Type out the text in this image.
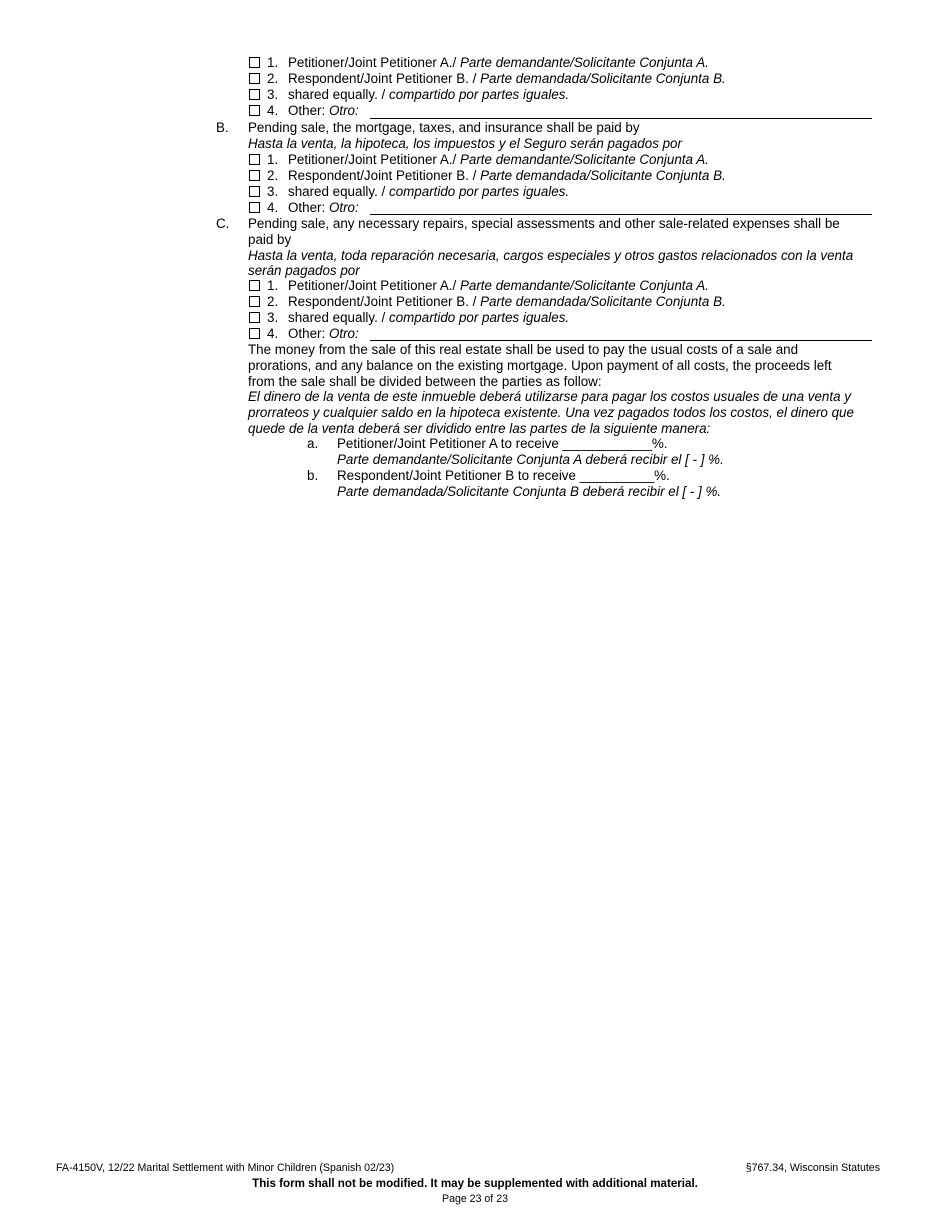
1. Petitioner/Joint Petitioner A./ Parte demandante/Solicitante Conjunta A.
2. Respondent/Joint Petitioner B. / Parte demandada/Solicitante Conjunta B.
3. shared equally. / compartido por partes iguales.
4. Other: Otro:
B. Pending sale, the mortgage, taxes, and insurance shall be paid by
Hasta la venta, la hipoteca, los impuestos y el Seguro serán pagados por
1. Petitioner/Joint Petitioner A./ Parte demandante/Solicitante Conjunta A.
2. Respondent/Joint Petitioner B. / Parte demandada/Solicitante Conjunta B.
3. shared equally. / compartido por partes iguales.
4. Other: Otro:
C. Pending sale, any necessary repairs, special assessments and other sale-related expenses shall be
paid by
Hasta la venta, toda reparación necesaria, cargos especiales y otros gastos relacionados con la venta
serán pagados por
1. Petitioner/Joint Petitioner A./ Parte demandante/Solicitante Conjunta A.
2. Respondent/Joint Petitioner B. / Parte demandada/Solicitante Conjunta B.
3. shared equally. / compartido por partes iguales.
4. Other: Otro:
The money from the sale of this real estate shall be used to pay the usual costs of a sale and
prorations, and any balance on the existing mortgage. Upon payment of all costs, the proceeds left
from the sale shall be divided between the parties as follow:
El dinero de la venta de este inmueble deberá utilizarse para pagar los costos usuales de una venta y
prorrateos y cualquier saldo en la hipoteca existente. Una vez pagados todos los costos, el dinero que
quede de la venta deberá ser dividido entre las partes de la siguiente manera:
a. Petitioner/Joint Petitioner A to receive ____________%.
Parte demandante/Solicitante Conjunta A deberá recibir el [ - ] %.
b. Respondent/Joint Petitioner B to receive __________%.
Parte demandada/Solicitante Conjunta B deberá recibir el [ - ] %.
FA-4150V, 12/22 Marital Settlement with Minor Children (Spanish 02/23)	§767.34, Wisconsin Statutes
This form shall not be modified. It may be supplemented with additional material.
Page 23 of 23
